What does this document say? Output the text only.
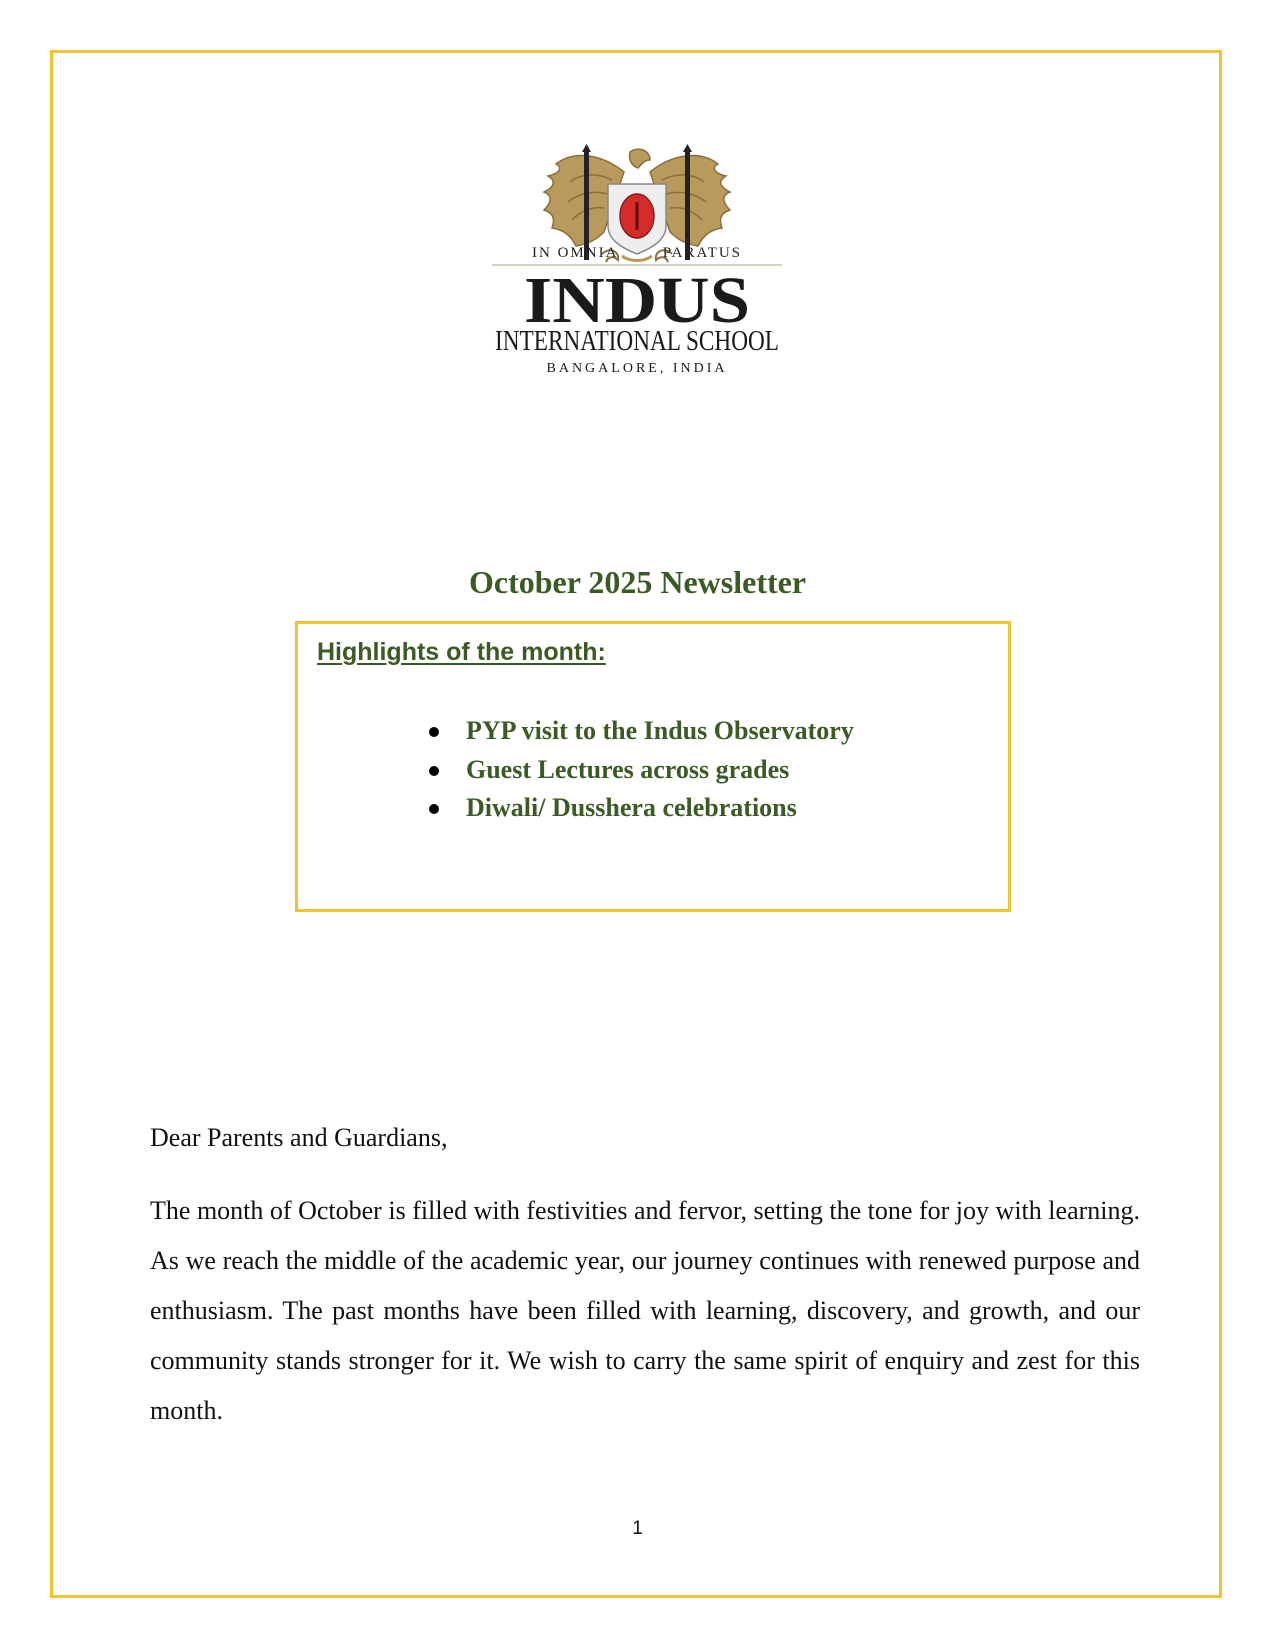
IN OMNIA	PARATUS
INDUS
INTERNATIONAL SCHOOL
BANGALORE, INDIA
October 2025 Newsletter
Highlights of the month:
PYP visit to the Indus Observatory
Guest Lectures across grades
Diwali/ Dusshera celebrations

Dear Parents and Guardians,

The month of October is filled with festivities and fervor, setting the tone for joy with learning. As we reach the middle of the academic year, our journey continues with renewed purpose and enthusiasm. The past months have been filled with learning, discovery, and growth, and our community stands stronger for it. We wish to carry the same spirit of enquiry and zest for this month.

1
